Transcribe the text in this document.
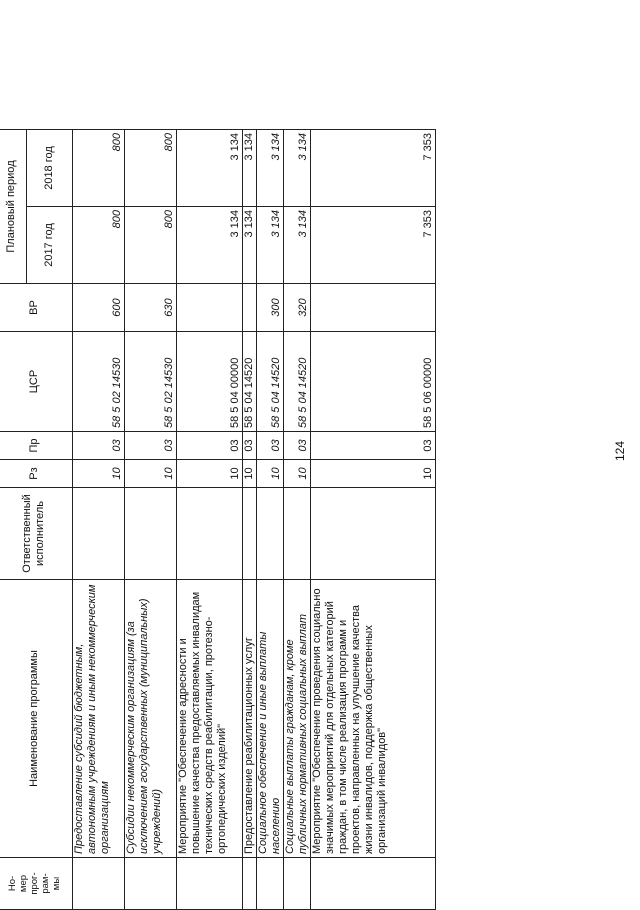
124
Но-
мер
прог-
рам-
мы	Наименование программы	Ответственный исполнитель	Рз	Пр	ЦСР	ВР	Плановый период	
							2017 год	2018 год
	Предоставление субсидий бюджетным, автономным учреждениям и иным некоммерческим организациям		10	03	58 5 02 14530	600	800	800
	Субсидии некоммерческим организациям (за исключением государственных (муниципальных) учреждений)		10	03	58 5 02 14530	630	800	800
	Мероприятие "Обеспечение адресности и повышение качества предоставляемых инвалидам технических средств реабилитации, протезно-ортопедических изделий"		10	03	58 5 04 00000		3 134	3 134
	Предоставление реабилитационных услуг		10	03	58 5 04 14520		3 134	3 134
	Социальное обеспечение и иные выплаты населению		10	03	58 5 04 14520	300	3 134	3 134
	Социальные выплаты гражданам, кроме публичных нормативных социальных выплат		10	03	58 5 04 14520	320	3 134	3 134
	Мероприятие "Обеспечение проведения социально значимых мероприятий для отдельных категорий граждан, в том числе реализация программ и проектов, направленных на улучшение качества жизни инвалидов, поддержка общественных организаций инвалидов"		10	03	58 5 06 00000		7 353	7 353
